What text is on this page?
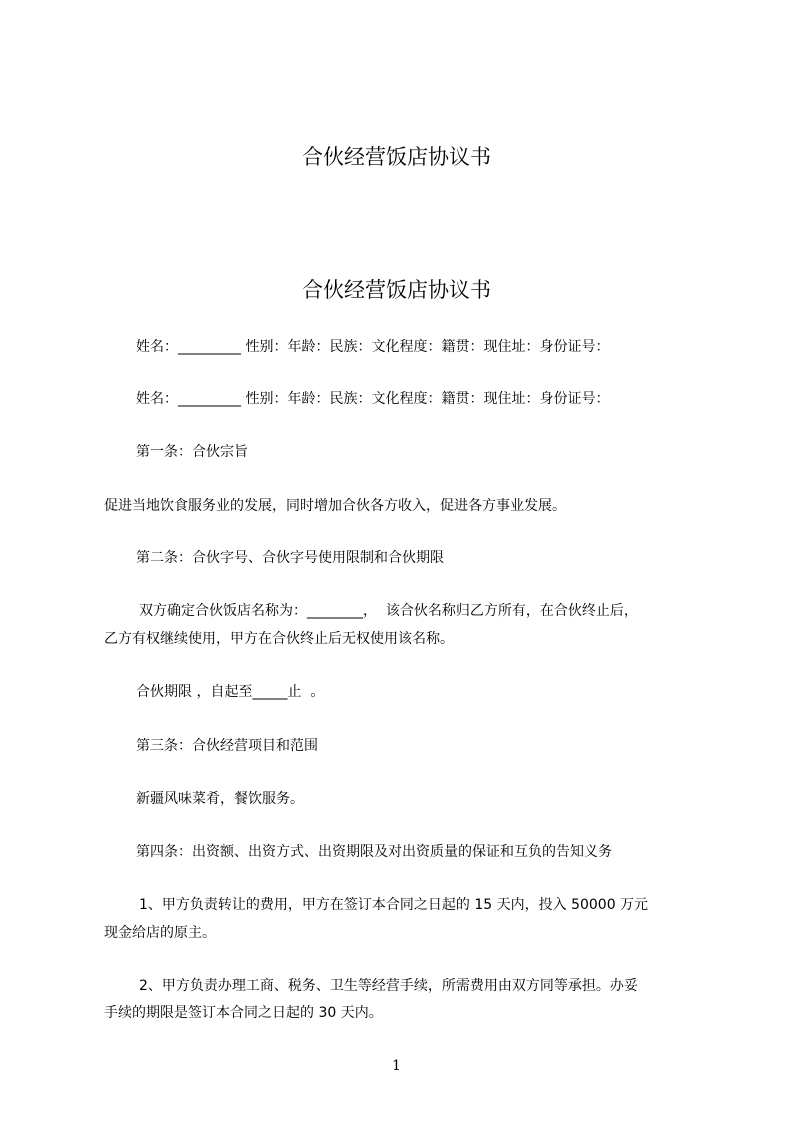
合伙经营饭店协议书
合伙经营饭店协议书
姓名：_________ 性别：年龄：民族：文化程度：籍贯：现住址：身份证号：
姓名：_________ 性别：年龄：民族：文化程度：籍贯：现住址：身份证号：
第一条：合伙宗旨
促进当地饮食服务业的发展，同时增加合伙各方收入，促进各方事业发展。
第二条：合伙字号、合伙字号使用限制和合伙期限
双方确定合伙饭店名称为：________，  该合伙名称归乙方所有，在合伙终止后，
乙方有权继续使用，甲方在合伙终止后无权使用该名称。
合伙期限 ，自起至_____止  。
第三条：合伙经营项目和范围
新疆风味菜肴，餐饮服务。
第四条：出资额、出资方式、出资期限及对出资质量的保证和互负的告知义务
1、甲方负责转让的费用，甲方在签订本合同之日起的 15 天内，投入 50000 万元
现金给店的原主。
2、甲方负责办理工商、税务、卫生等经营手续，所需费用由双方同等承担。办妥
手续的期限是签订本合同之日起的 30 天内。
1
